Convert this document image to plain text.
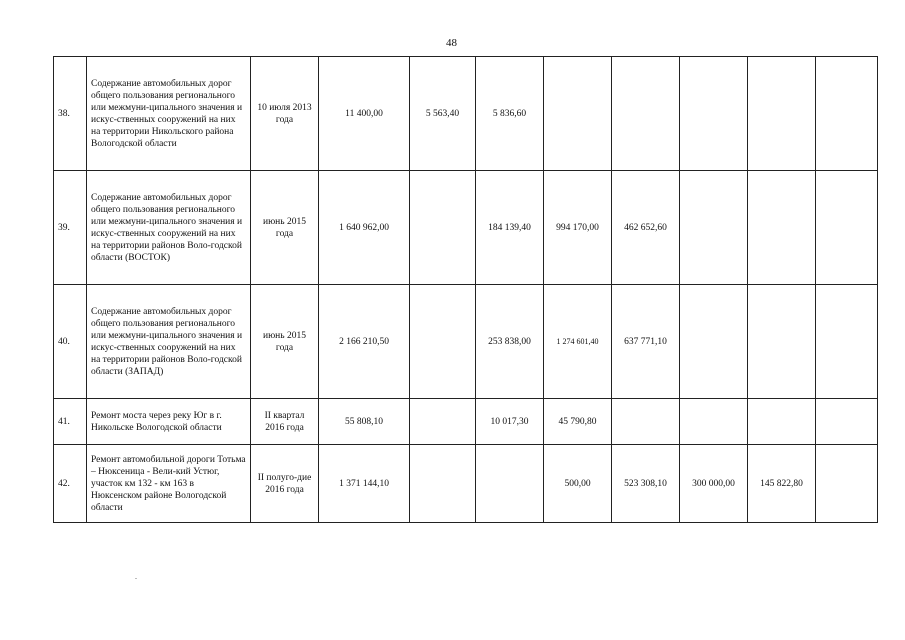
48
38.	Содержание автомобильных дорог общего пользования регионального или межмуни-ципального значения и искус-ственных сооружений на них на территории Никольского района Вологодской области	10 июля 2013 года	11 400,00	5 563,40	5 836,60					
39.	Содержание автомобильных дорог общего пользования регионального или межмуни-ципального значения и искус-ственных сооружений на них на территории районов Воло-годской области (ВОСТОК)	июнь 2015 года	1 640 962,00		184 139,40	994 170,00	462 652,60			
40.	Содержание автомобильных дорог общего пользования регионального или межмуни-ципального значения и искус-ственных сооружений на них на территории районов Воло-годской области (ЗАПАД)	июнь 2015 года	2 166 210,50		253 838,00	1 274 601,40	637 771,10			
41.	Ремонт моста через реку Юг в г. Никольске Вологодской области	II квартал 2016 года	55 808,10		10 017,30	45 790,80				
42.	Ремонт автомобильной дороги Тотьма – Нюксеница - Вели-кий Устюг, участок км 132 - км 163 в Нюксенском районе Вологодской области	II полуго-дие 2016 года	1 371 144,10			500,00	523 308,10	300 000,00	145 822,80	
